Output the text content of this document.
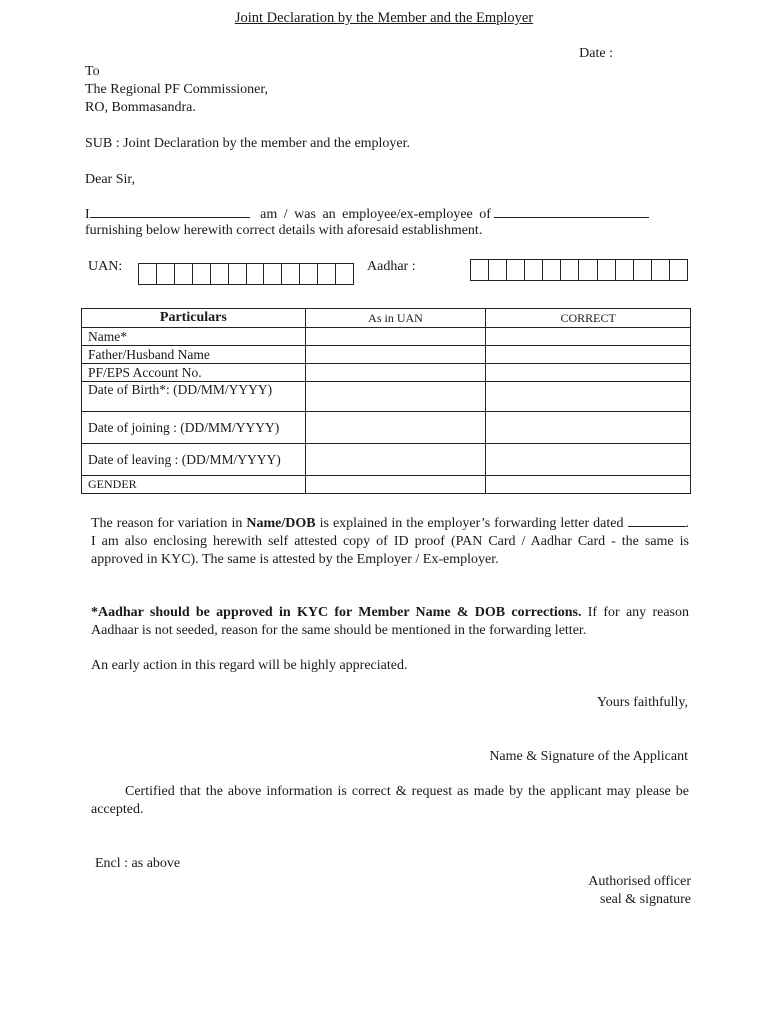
Joint Declaration by the Member and the Employer
Date :
To
The Regional PF Commissioner,
RO, Bommasandra.
SUB : Joint Declaration by the member and the employer.
Dear Sir,
I	am / was an employee/ex-employee of
furnishing below herewith correct details with aforesaid establishment.
UAN:	Aadhar :
Particulars	As in UAN	CORRECT
Name*		
Father/Husband Name		
PF/EPS Account No.		
Date of Birth*: (DD/MM/YYYY)		
Date of joining : (DD/MM/YYYY)		
Date of leaving : (DD/MM/YYYY)		
GENDER		
The reason for variation in Name/DOB is explained in the employer’s forwarding letter dated	. I am also enclosing herewith self attested copy of ID proof (PAN Card / Aadhar Card - the same is approved in KYC). The same is attested by the Employer / Ex-employer.
*Aadhar should be approved in KYC for Member Name & DOB corrections. If for any reason Aadhaar is not seeded, reason for the same should be mentioned in the forwarding letter.
An early action in this regard will be highly appreciated.
Yours faithfully,
Name & Signature of the Applicant
Certified that the above information is correct & request as made by the applicant may please be accepted.
Encl : as above
Authorised officer
seal & signature
